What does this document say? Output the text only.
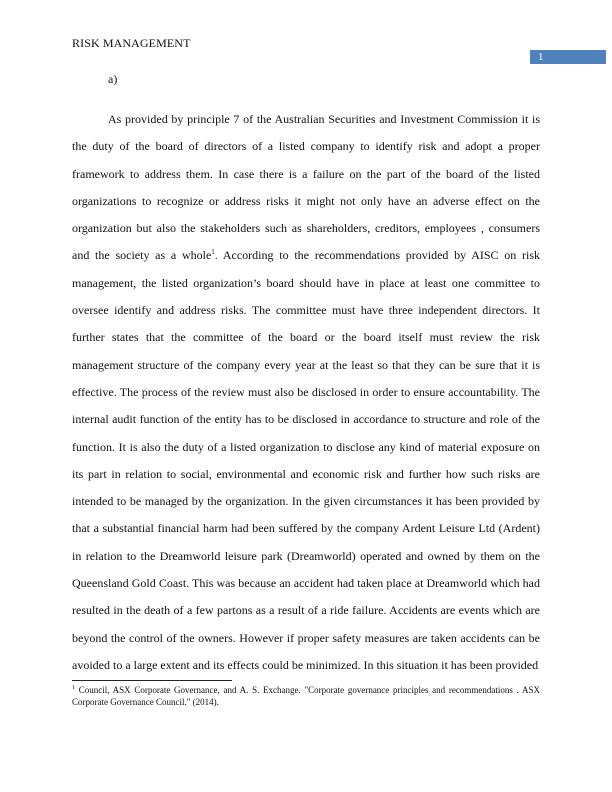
RISK MANAGEMENT
1
a)

As provided by principle 7 of the Australian Securities and Investment Commission it is the duty of the board of directors of a listed company to identify risk and adopt a proper framework to address them. In case there is a failure on the part of the board of the listed organizations to recognize or address risks it might not only have an adverse effect on the organization but also the stakeholders such as shareholders, creditors, employees , consumers and the society as a whole$^1$. According to the recommendations provided by AISC on risk management, the listed organization’s board should have in place at least one committee to oversee identify and address risks. The committee must have three independent directors. It further states that the committee of the board or the board itself must review the risk management structure of the company every year at the least so that they can be sure that it is effective. The process of the review must also be disclosed in order to ensure accountability. The internal audit function of the entity has to be disclosed in accordance to structure and role of the function. It is also the duty of a listed organization to disclose any kind of material exposure on its part in relation to social, environmental and economic risk and further how such risks are intended to be managed by the organization. In the given circumstances it has been provided by that a substantial financial harm had been suffered by the company Ardent Leisure Ltd (Ardent) in relation to the Dreamworld leisure park (Dreamworld) operated and owned by them on the Queensland Gold Coast. This was because an accident had taken place at Dreamworld which had resulted in the death of a few partons as a result of a ride failure. Accidents are events which are beyond the control of the owners. However if proper safety measures are taken accidents can be avoided to a large extent and its effects could be minimized. In this situation it has been provided

$^1$ Council, ASX Corporate Governance, and A. S. Exchange. "Corporate governance principles and recommendations . ASX Corporate Governance Council." (2014).
